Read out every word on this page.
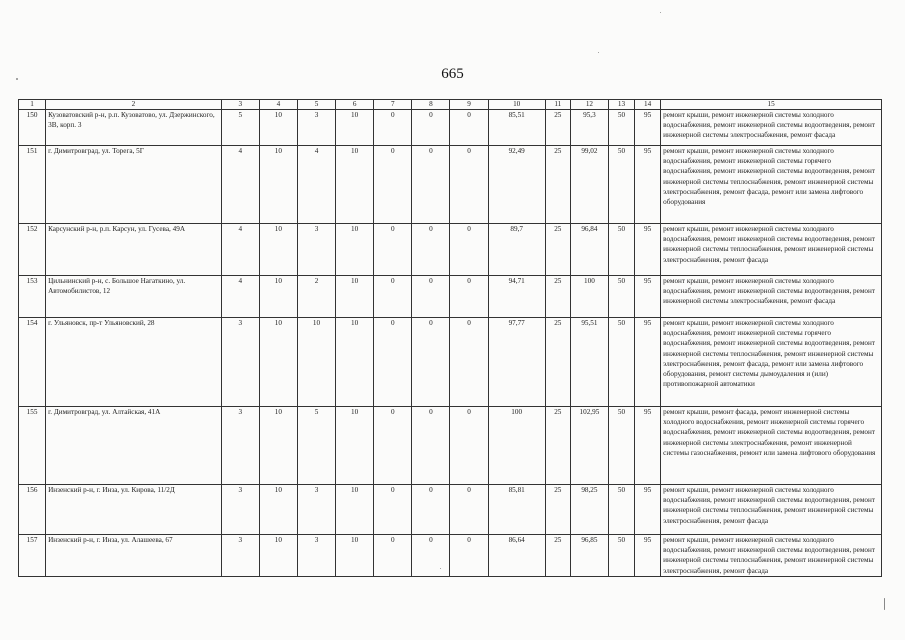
665
1	2	3	4	5	6	7	8	9	10	11	12	13	14	15
150	Кузоватовский р-н, р.п. Кузоватово, ул. Дзержинского, 3В, корп. 3	5	10	3	10	0	0	0	85,51	25	95,3	50	95	ремонт крыши, ремонт инженерной системы холодного водоснабжения, ремонт инженерной системы водоотведения, ремонт инженерной системы электроснабжения, ремонт фасада
151	г. Димитровград, ул. Торега, 5Г	4	10	4	10	0	0	0	92,49	25	99,02	50	95	ремонт крыши, ремонт инженерной системы холодного водоснабжения, ремонт инженерной системы горячего водоснабжения, ремонт инженерной системы водоотведения, ремонт инженерной системы теплоснабжения, ремонт инженерной системы электроснабжения, ремонт фасада, ремонт или замена лифтового оборудования
152	Карсунский р-н, р.п. Карсун, ул. Гусева, 49А	4	10	3	10	0	0	0	89,7	25	96,84	50	95	ремонт крыши, ремонт инженерной системы холодного водоснабжения, ремонт инженерной системы водоотведения, ремонт инженерной системы теплоснабжения, ремонт инженерной системы электроснабжения, ремонт фасада
153	Цильнинский р-н, с. Большое Нагаткино, ул. Автомобилистов, 12	4	10	2	10	0	0	0	94,71	25	100	50	95	ремонт крыши, ремонт инженерной системы холодного водоснабжения, ремонт инженерной системы водоотведения, ремонт инженерной системы электроснабжения, ремонт фасада
154	г. Ульяновск, пр-т Ульяновский, 28	3	10	10	10	0	0	0	97,77	25	95,51	50	95	ремонт крыши, ремонт инженерной системы холодного водоснабжения, ремонт инженерной системы горячего водоснабжения, ремонт инженерной системы водоотведения, ремонт инженерной системы теплоснабжения, ремонт инженерной системы электроснабжения, ремонт фасада, ремонт или замена лифтового оборудования, ремонт системы дымоудаления и (или) противопожарной автоматики
155	г. Димитровград, ул. Алтайская, 41А	3	10	5	10	0	0	0	100	25	102,95	50	95	ремонт крыши, ремонт фасада, ремонт инженерной системы холодного водоснабжения, ремонт инженерной системы горячего водоснабжения, ремонт инженерной системы водоотведения, ремонт инженерной системы электроснабжения, ремонт инженерной системы газоснабжения, ремонт или замена лифтового оборудования
156	Инзенский р-н, г. Инза, ул. Кирова, 11/2Д	3	10	3	10	0	0	0	85,81	25	98,25	50	95	ремонт крыши, ремонт инженерной системы холодного водоснабжения, ремонт инженерной системы водоотведения, ремонт инженерной системы теплоснабжения, ремонт инженерной системы электроснабжения, ремонт фасада
157	Инзенский р-н, г. Инза, ул. Алашеева, 67	3	10	3	10	0	0	0	86,64	25	96,85	50	95	ремонт крыши, ремонт инженерной системы холодного водоснабжения, ремонт инженерной системы водоотведения, ремонт инженерной системы теплоснабжения, ремонт инженерной системы электроснабжения, ремонт фасада
